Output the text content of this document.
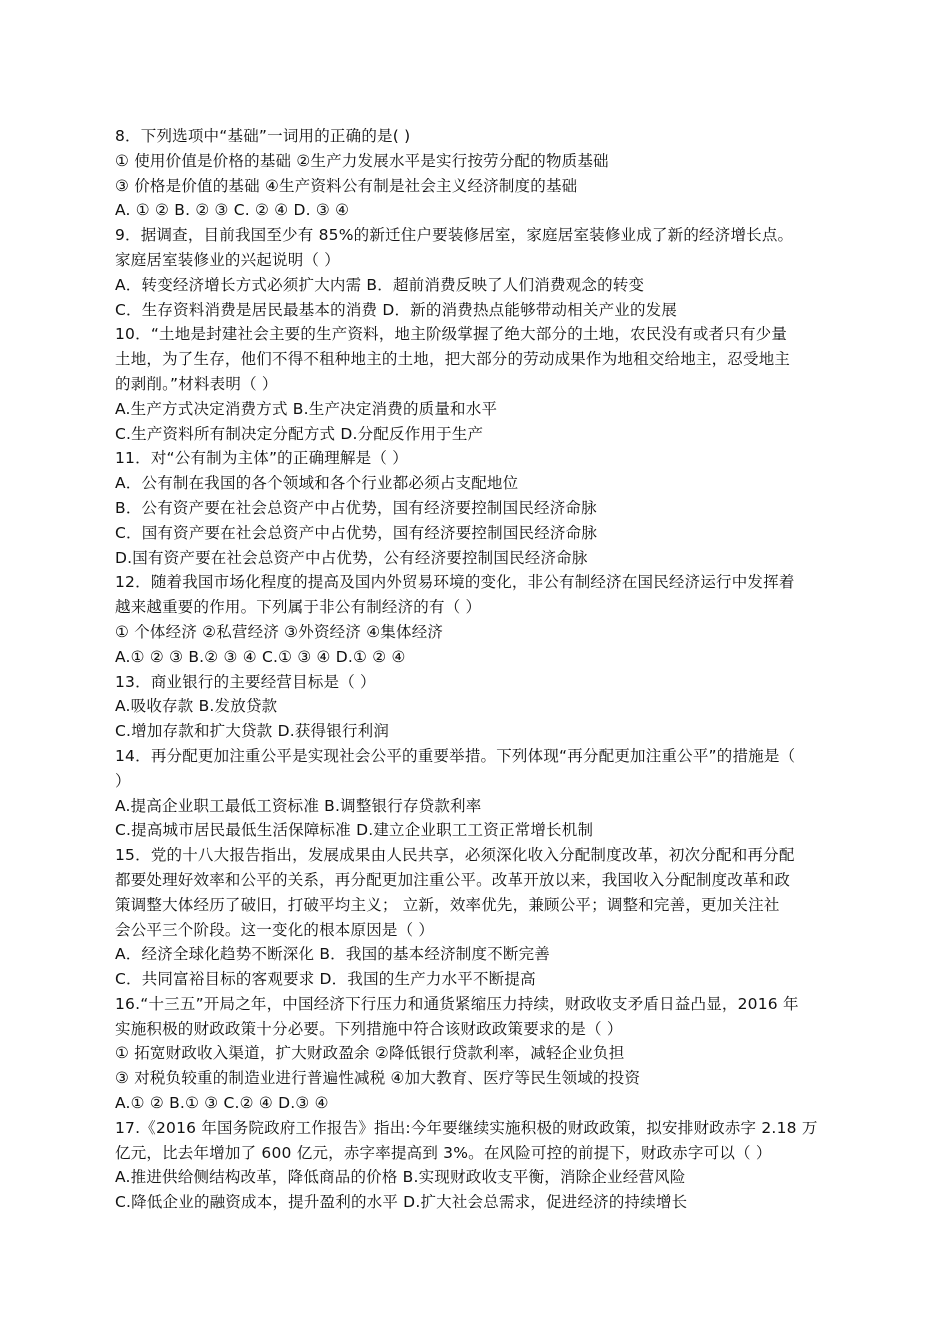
8．下列选项中“基础”一词用的正确的是( )
① 使用价值是价格的基础 ②生产力发展水平是实行按劳分配的物质基础
③ 价格是价值的基础 ④生产资料公有制是社会主义经济制度的基础
A. ① ② B. ② ③ C. ② ④ D. ③ ④
9．据调查，目前我国至少有 85%的新迁住户要装修居室，家庭居室装修业成了新的经济增长点。
家庭居室装修业的兴起说明（ ）
A．转变经济增长方式必须扩大内需 B．超前消费反映了人们消费观念的转变
C．生存资料消费是居民最基本的消费 D．新的消费热点能够带动相关产业的发展
10．“土地是封建社会主要的生产资料，地主阶级掌握了绝大部分的土地，农民没有或者只有少量
土地，为了生存，他们不得不租种地主的土地，把大部分的劳动成果作为地租交给地主，忍受地主
的剥削。”材料表明（ ）
A.生产方式决定消费方式 B.生产决定消费的质量和水平
C.生产资料所有制决定分配方式 D.分配反作用于生产
11．对“公有制为主体”的正确理解是（ ）
A．公有制在我国的各个领域和各个行业都必须占支配地位
B．公有资产要在社会总资产中占优势，国有经济要控制国民经济命脉
C．国有资产要在社会总资产中占优势，国有经济要控制国民经济命脉
D.国有资产要在社会总资产中占优势，公有经济要控制国民经济命脉
12．随着我国市场化程度的提高及国内外贸易环境的变化，非公有制经济在国民经济运行中发挥着
越来越重要的作用。下列属于非公有制经济的有（ ）
① 个体经济 ②私营经济 ③外资经济 ④集体经济
A.① ② ③ B.② ③ ④ C.① ③ ④ D.① ② ④
13．商业银行的主要经营目标是（ ）
A.吸收存款 B.发放贷款
C.增加存款和扩大贷款 D.获得银行利润
14．再分配更加注重公平是实现社会公平的重要举措。下列体现“再分配更加注重公平”的措施是（
）
A.提高企业职工最低工资标准 B.调整银行存贷款利率
C.提高城市居民最低生活保障标准 D.建立企业职工工资正常增长机制
15．党的十八大报告指出，发展成果由人民共享，必须深化收入分配制度改革，初次分配和再分配
都要处理好效率和公平的关系，再分配更加注重公平。改革开放以来，我国收入分配制度改革和政
策调整大体经历了破旧，打破平均主义； 立新，效率优先，兼顾公平；调整和完善，更加关注社
会公平三个阶段。这一变化的根本原因是（ ）
A．经济全球化趋势不断深化 B．我国的基本经济制度不断完善
C．共同富裕目标的客观要求 D．我国的生产力水平不断提高
16.“十三五”开局之年，中国经济下行压力和通货紧缩压力持续，财政收支矛盾日益凸显，2016 年
实施积极的财政政策十分必要。下列措施中符合该财政政策要求的是（ ）
① 拓宽财政收入渠道，扩大财政盈余 ②降低银行贷款利率，减轻企业负担
③ 对税负较重的制造业进行普遍性减税 ④加大教育、医疗等民生领域的投资
A.① ② B.① ③ C.② ④ D.③ ④
17.《2016 年国务院政府工作报告》指出:今年要继续实施积极的财政政策，拟安排财政赤字 2.18 万
亿元，比去年增加了 600 亿元，赤字率提高到 3%。在风险可控的前提下，财政赤字可以（ ）
A.推进供给侧结构改革，降低商品的价格 B.实现财政收支平衡，消除企业经营风险
C.降低企业的融资成本，提升盈利的水平 D.扩大社会总需求，促进经济的持续增长
